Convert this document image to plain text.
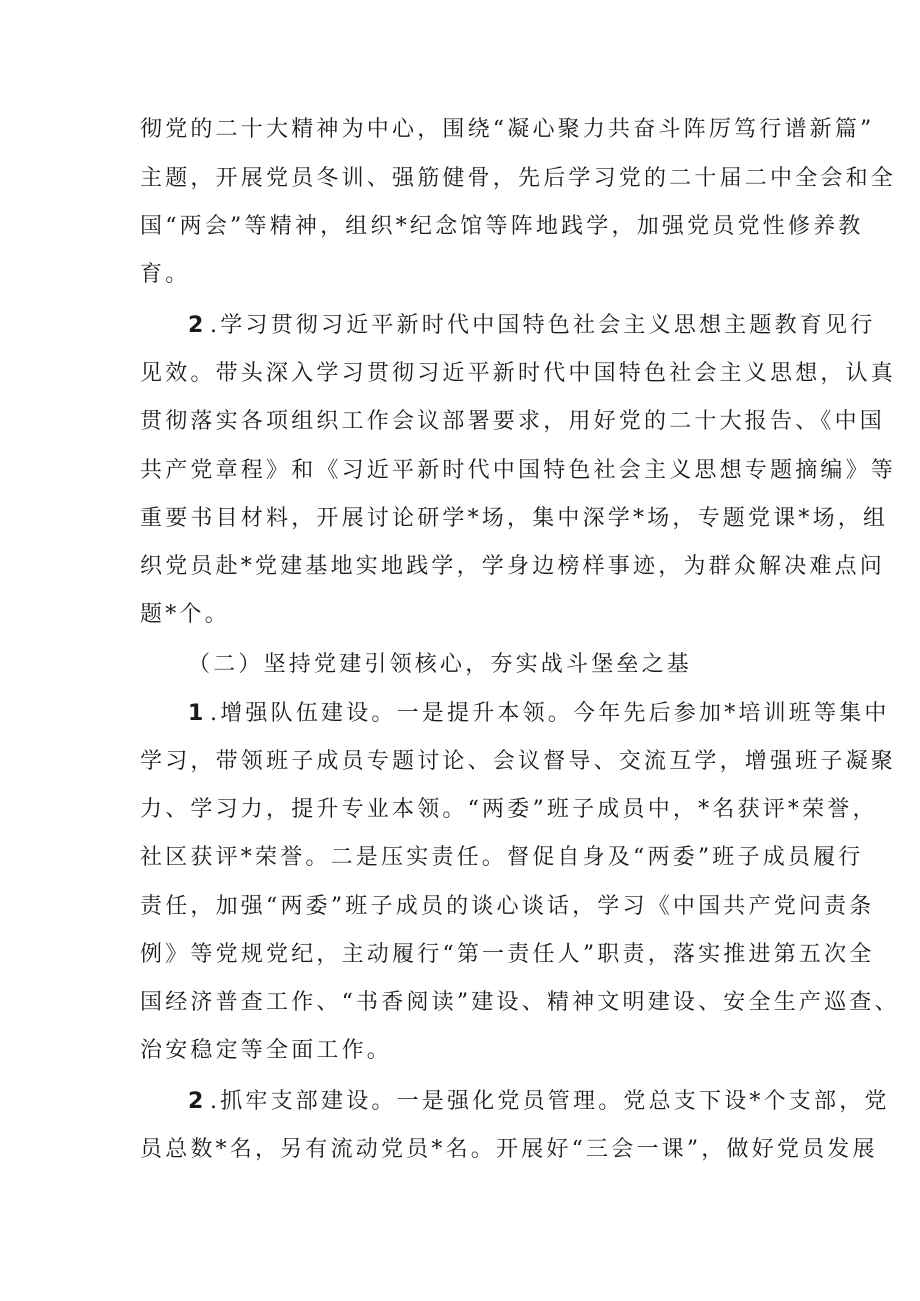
彻党的二十大精神为中心，围绕“凝心聚力共奋斗阵厉笃行谱新篇”
主题，开展党员冬训、强筋健骨，先后学习党的二十届二中全会和全
国“两会”等精神，组织*纪念馆等阵地践学，加强党员党性修养教
育。
2 .学习贯彻习近平新时代中国特色社会主义思想主题教育见行
见效。带头深入学习贯彻习近平新时代中国特色社会主义思想，认真
贯彻落实各项组织工作会议部署要求，用好党的二十大报告、《中国
共产党章程》和《习近平新时代中国特色社会主义思想专题摘编》等
重要书目材料，开展讨论研学*场，集中深学*场，专题党课*场，组
织党员赴*党建基地实地践学，学身边榜样事迹，为群众解决难点问
题*个。
（二）坚持党建引领核心，夯实战斗堡垒之基
1 .增强队伍建设。一是提升本领。今年先后参加*培训班等集中
学习，带领班子成员专题讨论、会议督导、交流互学，增强班子凝聚
力、学习力，提升专业本领。“两委”班子成员中，*名获评*荣誉，
社区获评*荣誉。二是压实责任。督促自身及“两委”班子成员履行
责任，加强“两委”班子成员的谈心谈话，学习《中国共产党问责条
例》等党规党纪，主动履行“第一责任人”职责，落实推进第五次全
国经济普查工作、“书香阅读”建设、精神文明建设、安全生产巡查、
治安稳定等全面工作。
2 .抓牢支部建设。一是强化党员管理。党总支下设*个支部，党
员总数*名，另有流动党员*名。开展好“三会一课”，做好党员发展
